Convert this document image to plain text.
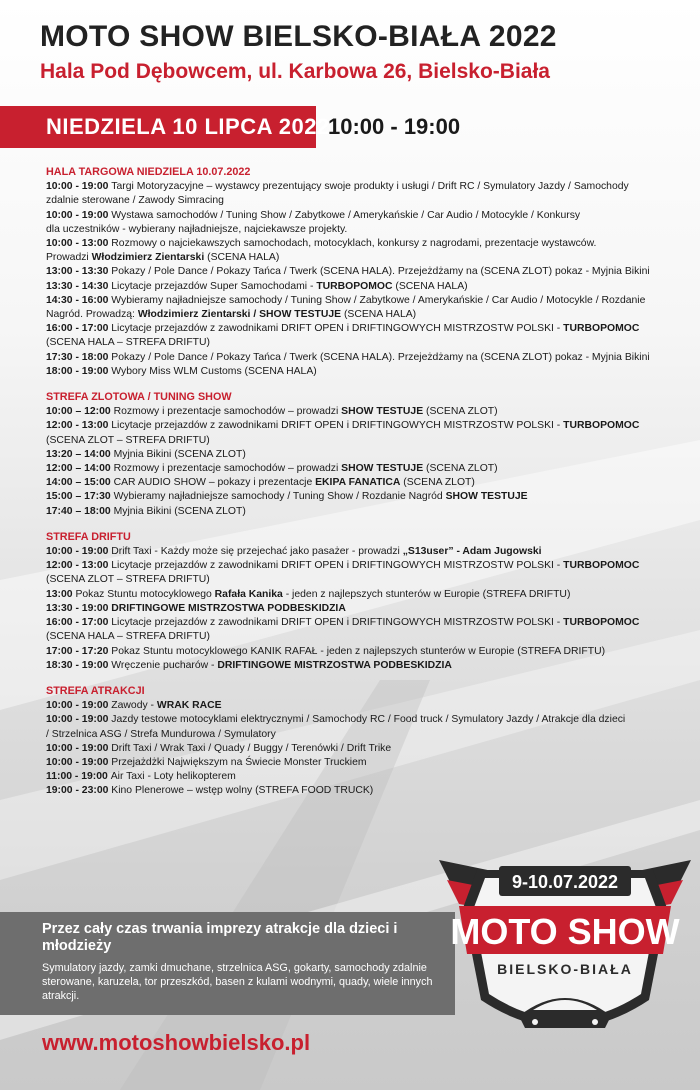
MOTO SHOW BIELSKO-BIAŁA 2022
Hala Pod Dębowcem, ul. Karbowa 26, Bielsko-Biała
NIEDZIELA 10 LIPCA 2022
10:00 - 19:00
HALA TARGOWA NIEDZIELA 10.07.2022
10:00 - 19:00 Targi Motoryzacyjne – wystawcy prezentujący swoje produkty i usługi / Drift RC / Symulatory Jazdy / Samochody
zdalnie sterowane / Zawody Simracing
10:00 - 19:00 Wystawa samochodów / Tuning Show / Zabytkowe / Amerykańskie / Car Audio / Motocykle / Konkursy
dla uczestników - wybierany najładniejsze, najciekawsze projekty.
10:00 - 13:00 Rozmowy o najciekawszych samochodach, motocyklach, konkursy z nagrodami, prezentacje wystawców.
Prowadzi Włodzimierz Zientarski (SCENA HALA)
13:00 - 13:30 Pokazy / Pole Dance / Pokazy Tańca / Twerk (SCENA HALA). Przejeżdżamy na (SCENA ZLOT) pokaz - Myjnia Bikini
13:30 - 14:30 Licytacje przejazdów Super Samochodami - TURBOPOMOC (SCENA HALA)
14:30 - 16:00 Wybieramy najładniejsze samochody / Tuning Show / Zabytkowe / Amerykańskie / Car Audio / Motocykle / Rozdanie
Nagród. Prowadzą: Włodzimierz Zientarski / SHOW TESTUJE (SCENA HALA)
16:00 - 17:00 Licytacje przejazdów z zawodnikami DRIFT OPEN i DRIFTINGOWYCH MISTRZOSTW POLSKI - TURBOPOMOC
(SCENA HALA – STREFA DRIFTU)
17:30 - 18:00 Pokazy / Pole Dance / Pokazy Tańca / Twerk (SCENA HALA). Przejeżdżamy na (SCENA ZLOT) pokaz - Myjnia Bikini
18:00 - 19:00 Wybory Miss WLM Customs (SCENA HALA)
STREFA ZLOTOWA / TUNING SHOW
10:00 – 12:00 Rozmowy i prezentacje samochodów – prowadzi SHOW TESTUJE (SCENA ZLOT)
12:00 - 13:00 Licytacje przejazdów z zawodnikami DRIFT OPEN i DRIFTINGOWYCH MISTRZOSTW POLSKI - TURBOPOMOC
(SCENA ZLOT – STREFA DRIFTU)
13:20 – 14:00 Myjnia Bikini (SCENA ZLOT)
12:00 – 14:00 Rozmowy i prezentacje samochodów – prowadzi SHOW TESTUJE (SCENA ZLOT)
14:00 – 15:00 CAR AUDIO SHOW – pokazy i prezentacje EKIPA FANATICA (SCENA ZLOT)
15:00 – 17:30 Wybieramy najładniejsze samochody / Tuning Show / Rozdanie Nagród SHOW TESTUJE
17:40 – 18:00 Myjnia Bikini (SCENA ZLOT)
STREFA DRIFTU
10:00 - 19:00 Drift Taxi - Każdy może się przejechać jako pasażer - prowadzi „S13user” - Adam Jugowski
12:00 - 13:00 Licytacje przejazdów z zawodnikami DRIFT OPEN i DRIFTINGOWYCH MISTRZOSTW POLSKI - TURBOPOMOC
(SCENA ZLOT – STREFA DRIFTU)
13:00 Pokaz Stuntu motocyklowego Rafała Kanika - jeden z najlepszych stunterów w Europie (STREFA DRIFTU)
13:30 - 19:00 DRIFTINGOWE MISTRZOSTWA PODBESKIDZIA
16:00 - 17:00 Licytacje przejazdów z zawodnikami DRIFT OPEN i DRIFTINGOWYCH MISTRZOSTW POLSKI - TURBOPOMOC
(SCENA HALA – STREFA DRIFTU)
17:00 - 17:20 Pokaz Stuntu motocyklowego KANIK RAFAŁ - jeden z najlepszych stunterów w Europie (STREFA DRIFTU)
18:30 - 19:00 Wręczenie pucharów - DRIFTINGOWE MISTRZOSTWA PODBESKIDZIA
STREFA ATRAKCJI
10:00 - 19:00 Zawody - WRAK RACE
10:00 - 19:00 Jazdy testowe motocyklami elektrycznymi / Samochody RC / Food truck / Symulatory Jazdy / Atrakcje dla dzieci
/ Strzelnica ASG / Strefa Mundurowa / Symulatory
10:00 - 19:00 Drift Taxi / Wrak Taxi / Quady / Buggy / Terenówki / Drift Trike
10:00 - 19:00 Przejażdżki Największym na Świecie Monster Truckiem
11:00 - 19:00 Air Taxi - Loty helikopterem
19:00 - 23:00 Kino Plenerowe – wstęp wolny (STREFA FOOD TRUCK)
Przez cały czas trwania imprezy atrakcje dla dzieci i młodzieży
Symulatory jazdy, zamki dmuchane, strzelnica ASG, gokarty, samochody zdalnie sterowane, karuzela, tor przeszkód, basen z kulami wodnymi, quady, wiele innych atrakcji.
www.motoshowbielsko.pl
9-10.07.2022
MOTO SHOW
BIELSKO-BIAŁA
